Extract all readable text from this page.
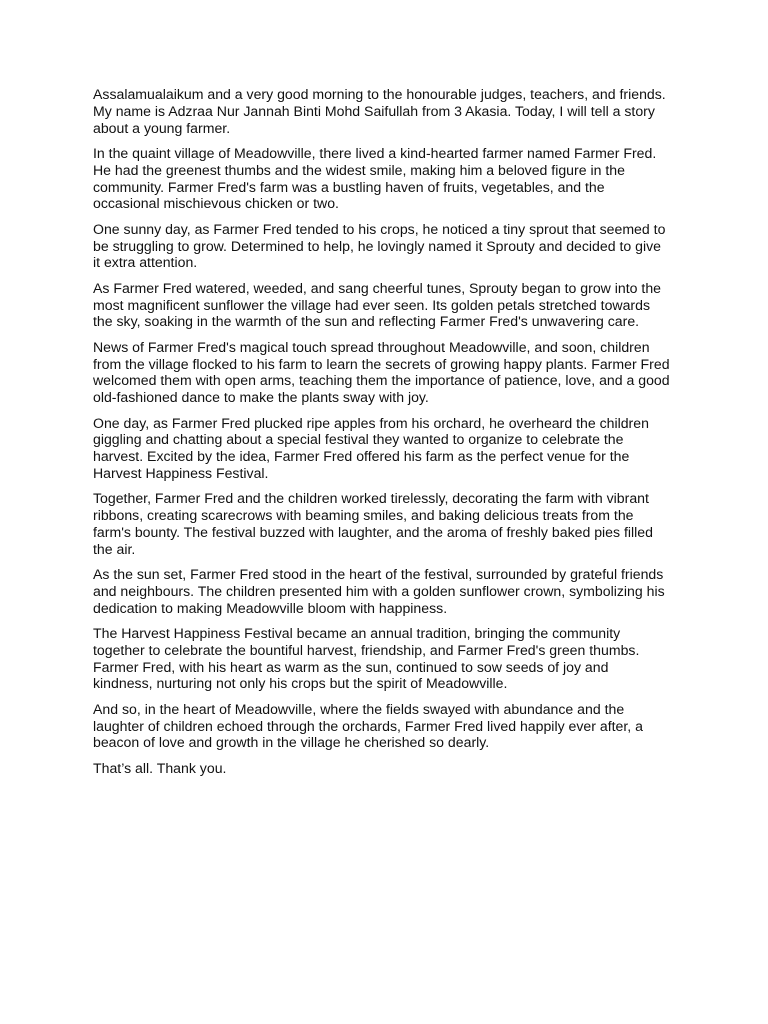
Assalamualaikum and a very good morning to the honourable judges, teachers, and friends.
My name is Adzraa Nur Jannah Binti Mohd Saifullah from 3 Akasia. Today, I will tell a story
about a young farmer.

In the quaint village of Meadowville, there lived a kind-hearted farmer named Farmer Fred.
He had the greenest thumbs and the widest smile, making him a beloved figure in the
community. Farmer Fred's farm was a bustling haven of fruits, vegetables, and the
occasional mischievous chicken or two.

One sunny day, as Farmer Fred tended to his crops, he noticed a tiny sprout that seemed to
be struggling to grow. Determined to help, he lovingly named it Sprouty and decided to give
it extra attention.

As Farmer Fred watered, weeded, and sang cheerful tunes, Sprouty began to grow into the
most magnificent sunflower the village had ever seen. Its golden petals stretched towards
the sky, soaking in the warmth of the sun and reflecting Farmer Fred's unwavering care.

News of Farmer Fred's magical touch spread throughout Meadowville, and soon, children
from the village flocked to his farm to learn the secrets of growing happy plants. Farmer Fred
welcomed them with open arms, teaching them the importance of patience, love, and a good
old-fashioned dance to make the plants sway with joy.

One day, as Farmer Fred plucked ripe apples from his orchard, he overheard the children
giggling and chatting about a special festival they wanted to organize to celebrate the
harvest. Excited by the idea, Farmer Fred offered his farm as the perfect venue for the
Harvest Happiness Festival.

Together, Farmer Fred and the children worked tirelessly, decorating the farm with vibrant
ribbons, creating scarecrows with beaming smiles, and baking delicious treats from the
farm's bounty. The festival buzzed with laughter, and the aroma of freshly baked pies filled
the air.

As the sun set, Farmer Fred stood in the heart of the festival, surrounded by grateful friends
and neighbours. The children presented him with a golden sunflower crown, symbolizing his
dedication to making Meadowville bloom with happiness.

The Harvest Happiness Festival became an annual tradition, bringing the community
together to celebrate the bountiful harvest, friendship, and Farmer Fred's green thumbs.
Farmer Fred, with his heart as warm as the sun, continued to sow seeds of joy and
kindness, nurturing not only his crops but the spirit of Meadowville.

And so, in the heart of Meadowville, where the fields swayed with abundance and the
laughter of children echoed through the orchards, Farmer Fred lived happily ever after, a
beacon of love and growth in the village he cherished so dearly.

That’s all. Thank you.
